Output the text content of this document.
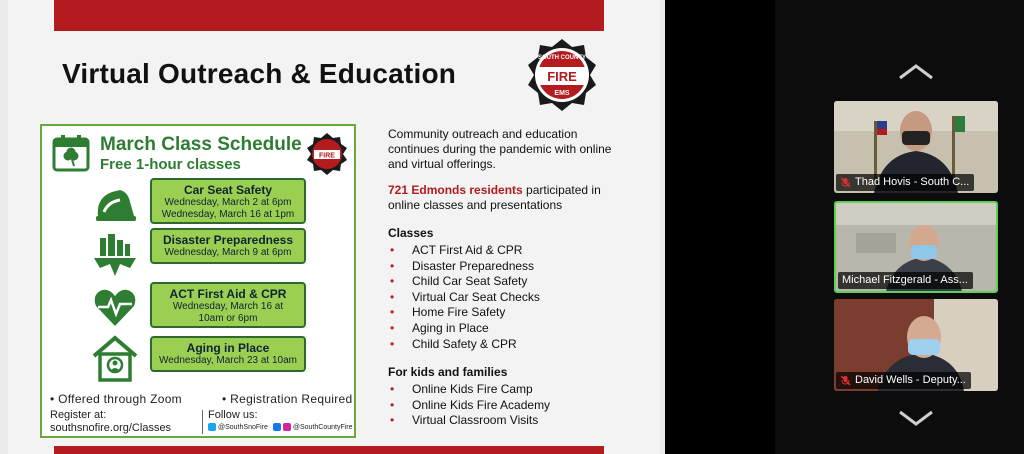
Virtual Outreach & Education	SOUTH COUNTY
FIRE
EMS
March Class Schedule
Free 1-hour classes	FIRE
Car Seat Safety
Wednesday, March 2 at 6pm
Wednesday, March 16 at 1pm
Disaster Preparedness
Wednesday, March 9 at 6pm
ACT First Aid & CPR
Wednesday, March 16 at
10am or 6pm
Aging in Place
Wednesday, March 23 at 10am
• Offered through Zoom	• Registration Required
Register at:
southsnofire.org/Classes
Follow us:
@SouthSnoFire	@SouthCountyFire
Community outreach and education continues during the pandemic with online and virtual offerings.
721 Edmonds residents participated in online classes and presentations
Classes
• ACT First Aid & CPR
• Disaster Preparedness
• Child Car Seat Safety
• Virtual Car Seat Checks
• Home Fire Safety
• Aging in Place
• Child Safety & CPR
For kids and families
• Online Kids Fire Camp
• Online Kids Fire Academy
• Virtual Classroom Visits
Thad Hovis - South C...
Michael Fitzgerald - Ass...
David Wells - Deputy...
